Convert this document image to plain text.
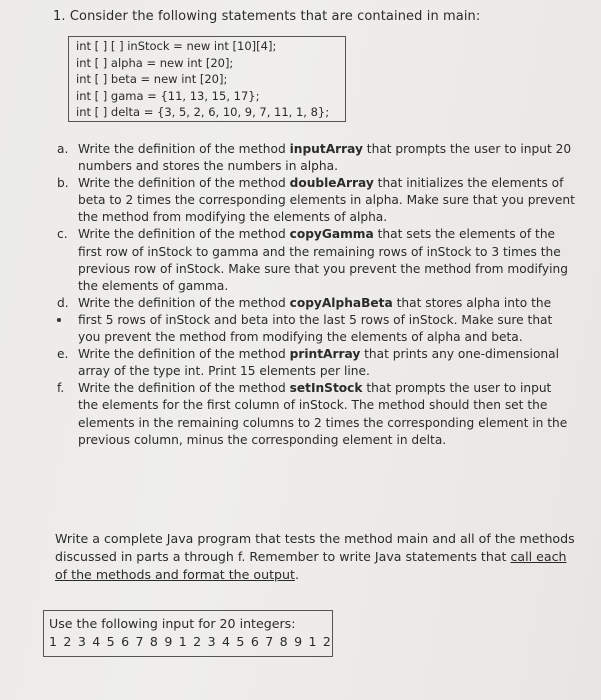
1. Consider the following statements that are contained in main:
int [ ] [ ] inStock = new int [10][4];
int [ ] alpha = new int [20];
int [ ] beta = new int [20];
int [ ] gama = {11, 13, 15, 17};
int [ ] delta = {3, 5, 2, 6, 10, 9, 7, 11, 1, 8};
a. Write the definition of the method inputArray that prompts the user to input 20 numbers and stores the numbers in alpha.
b. Write the definition of the method doubleArray that initializes the elements of beta to 2 times the corresponding elements in alpha. Make sure that you prevent the method from modifying the elements of alpha.
c. Write the definition of the method copyGamma that sets the elements of the first row of inStock to gamma and the remaining rows of inStock to 3 times the previous row of inStock. Make sure that you prevent the method from modifying the elements of gamma.
d. Write the definition of the method copyAlphaBeta that stores alpha into the first 5 rows of inStock and beta into the last 5 rows of inStock. Make sure that you prevent the method from modifying the elements of alpha and beta.
e. Write the definition of the method printArray that prints any one-dimensional array of the type int. Print 15 elements per line.
f. Write the definition of the method setInStock that prompts the user to input the elements for the first column of inStock. The method should then set the elements in the remaining columns to 2 times the corresponding element in the previous column, minus the corresponding element in delta.
Write a complete Java program that tests the method main and all of the methods discussed in parts a through f. Remember to write Java statements that call each of the methods and format the output.
Use the following input for 20 integers:
1 2 3 4 5 6 7 8 9 1 2 3 4 5 6 7 8 9 1 2
